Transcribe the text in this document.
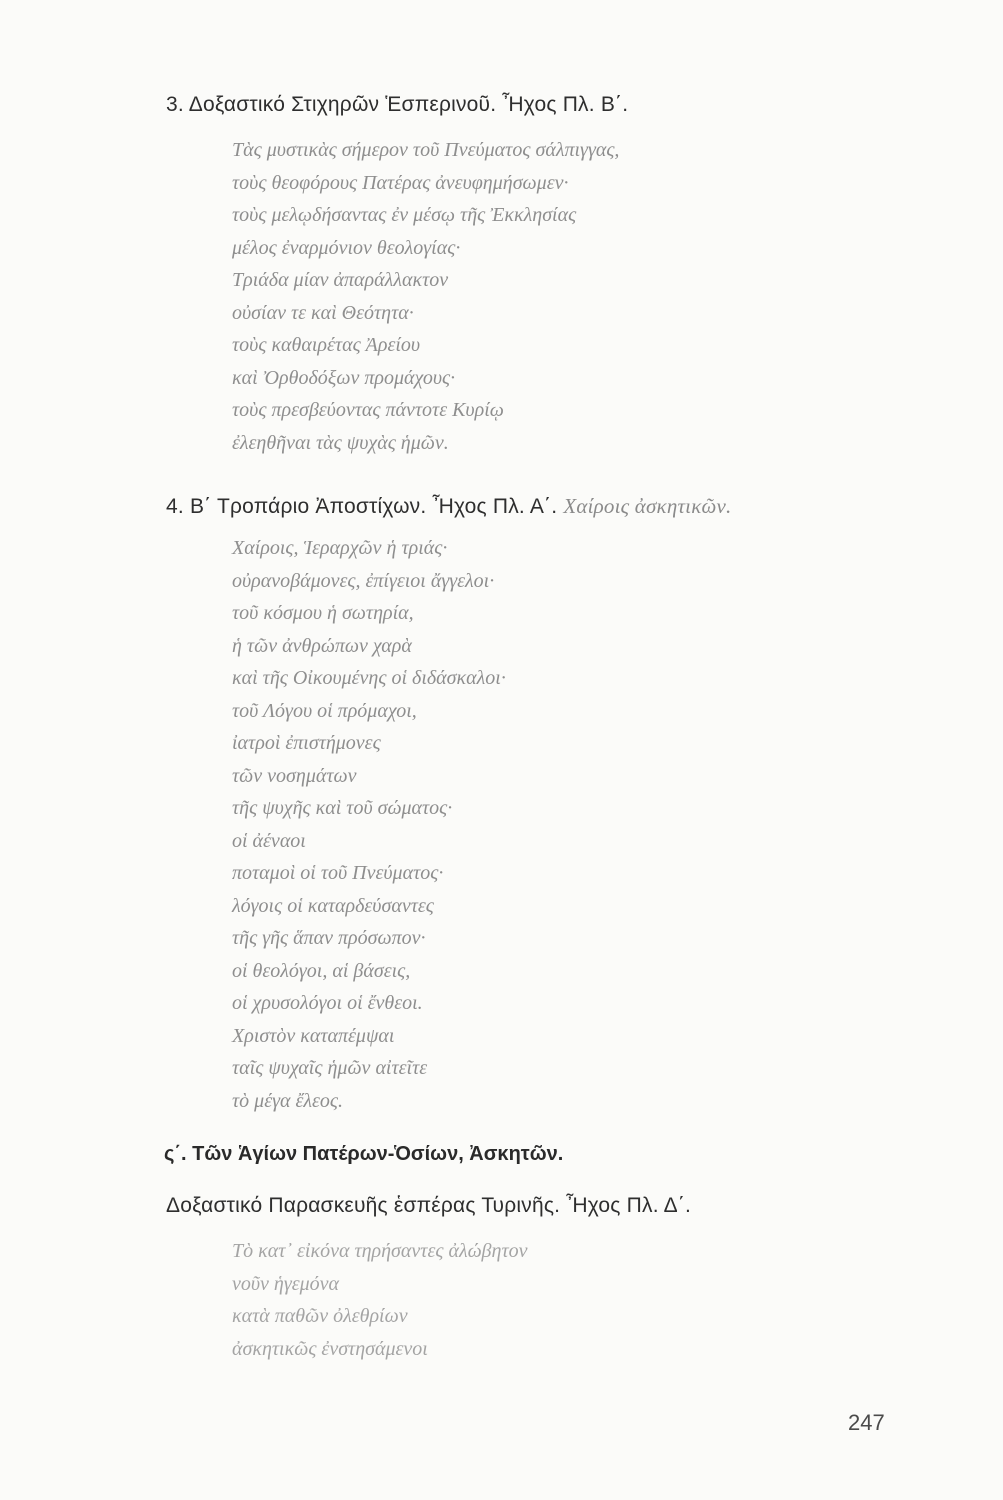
3. Δοξαστικό Στιχηρῶν Ἑσπερινοῦ. Ἦχος Πλ. Β΄.
Τὰς μυστικὰς σήμερον τοῦ Πνεύματος σάλπιγγας,
τοὺς θεοφόρους Πατέρας ἀνευφημήσωμεν·
τοὺς μελῳδήσαντας ἐν μέσῳ τῆς Ἐκκλησίας
μέλος ἐναρμόνιον θεολογίας·
Τριάδα μίαν ἀπαράλλακτον
οὐσίαν τε καὶ Θεότητα·
τοὺς καθαιρέτας Ἀρείου
καὶ Ὀρθοδόξων προμάχους·
τοὺς πρεσβεύοντας πάντοτε Κυρίῳ
ἐλεηθῆναι τὰς ψυχὰς ἡμῶν.
4. Β΄ Τροπάριο Ἀποστίχων. Ἦχος Πλ. Α΄. Χαίροις ἀσκητικῶν.
Χαίροις, Ἱεραρχῶν ἡ τριάς·
οὐρανοβάμονες, ἐπίγειοι ἄγγελοι·
τοῦ κόσμου ἡ σωτηρία,
ἡ τῶν ἀνθρώπων χαρὰ
καὶ τῆς Οἰκουμένης οἱ διδάσκαλοι·
τοῦ Λόγου οἱ πρόμαχοι,
ἰατροὶ ἐπιστήμονες
τῶν νοσημάτων
τῆς ψυχῆς καὶ τοῦ σώματος·
οἱ ἀέναοι
ποταμοὶ οἱ τοῦ Πνεύματος·
λόγοις οἱ καταρδεύσαντες
τῆς γῆς ἅπαν πρόσωπον·
οἱ θεολόγοι, αἱ βάσεις,
οἱ χρυσολόγοι οἱ ἔνθεοι.
Χριστὸν καταπέμψαι
ταῖς ψυχαῖς ἡμῶν αἰτεῖτε
τὸ μέγα ἔλεος.
ς΄. Τῶν Ἁγίων Πατέρων-Ὁσίων, Ἀσκητῶν.
Δοξαστικό Παρασκευῆς ἑσπέρας Τυρινῆς. Ἦχος Πλ. Δ΄.
Τὸ κατ᾽ εἰκόνα τηρήσαντες ἀλώβητον
νοῦν ἡγεμόνα
κατὰ παθῶν ὀλεθρίων
ἀσκητικῶς ἐνστησάμενοι
247
